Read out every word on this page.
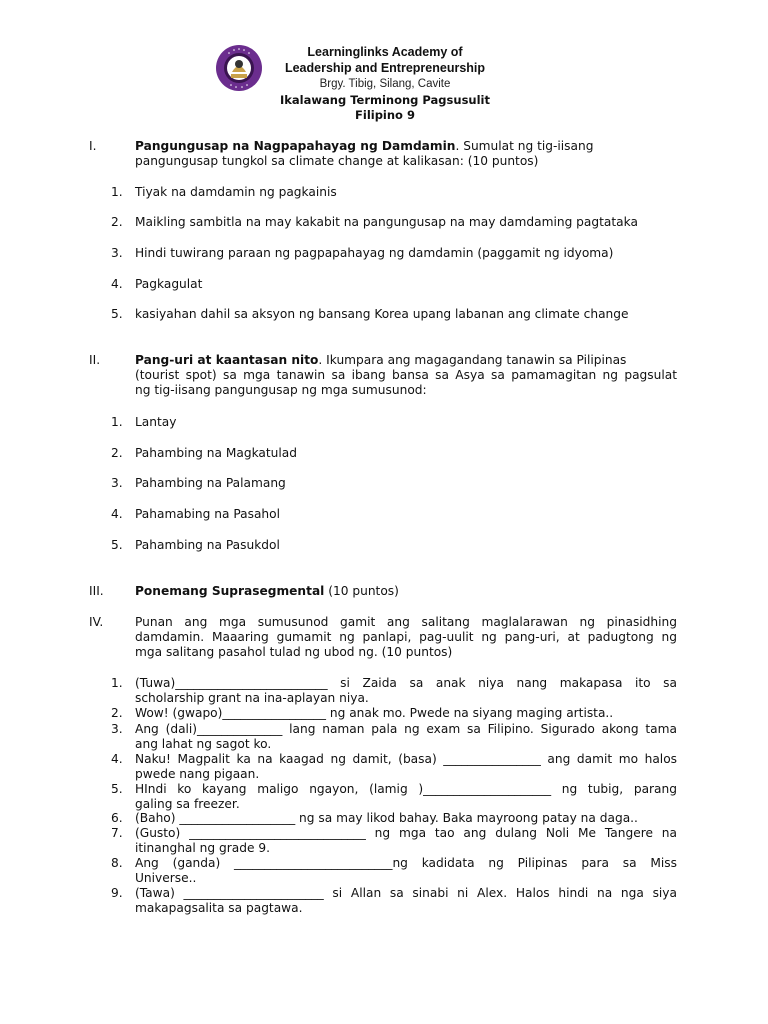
Learninglinks Academy of
Leadership and Entrepreneurship
Brgy. Tibig, Silang, Cavite
Ikalawang Terminong Pagsusulit
Filipino 9
I.	Pangungusap na Nagpapahayag ng Damdamin. Sumulat ng tig-iisang
pangungusap tungkol sa climate change at kalikasan: (10 puntos)
1. Tiyak na damdamin ng pagkainis
2. Maikling sambitla na may kakabit na pangungusap na may damdaming pagtataka
3. Hindi tuwirang paraan ng pagpapahayag ng damdamin (paggamit ng idyoma)
4. Pagkagulat
5. kasiyahan dahil sa aksyon ng bansang Korea upang labanan ang climate change
II.	Pang-uri at kaantasan nito. Ikumpara ang magagandang tanawin sa Pilipinas
(tourist spot) sa mga tanawin sa ibang bansa sa Asya sa pamamagitan ng pagsulat
ng tig-iisang pangungusap ng mga sumusunod:
1. Lantay
2. Pahambing na Magkatulad
3. Pahambing na Palamang
4. Pahamabing na Pasahol
5. Pahambing na Pasukdol
III.	Ponemang Suprasegmental (10 puntos)
IV.	Punan ang mga sumusunod gamit ang salitang maglalarawan ng pinasidhing
damdamin. Maaaring gumamit ng panlapi, pag-uulit ng pang-uri, at padugtong ng
mga salitang pasahol tulad ng ubod ng. (10 puntos)
1. (Tuwa)_________________________ si Zaida sa anak niya nang makapasa ito sa
scholarship grant na ina-aplayan niya.
2. Wow! (gwapo)_________________ ng anak mo. Pwede na siyang maging artista..
3. Ang (dali)______________ lang naman pala ng exam sa Filipino. Sigurado akong tama
ang lahat ng sagot ko.
4. Naku! Magpalit ka na kaagad ng damit, (basa) ________________ ang damit mo halos
pwede nang pigaan.
5. HIndi ko kayang maligo ngayon, (lamig )_____________________ ng tubig, parang
galing sa freezer.
6. (Baho) ___________________ ng sa may likod bahay. Baka mayroong patay na daga..
7. (Gusto) _____________________________ ng mga tao ang dulang Noli Me Tangere na
itinanghal ng grade 9.
8. Ang (ganda) __________________________ng kadidata ng Pilipinas para sa Miss
Universe..
9. (Tawa) _______________________ si Allan sa sinabi ni Alex. Halos hindi na nga siya
makapagsalita sa pagtawa.
